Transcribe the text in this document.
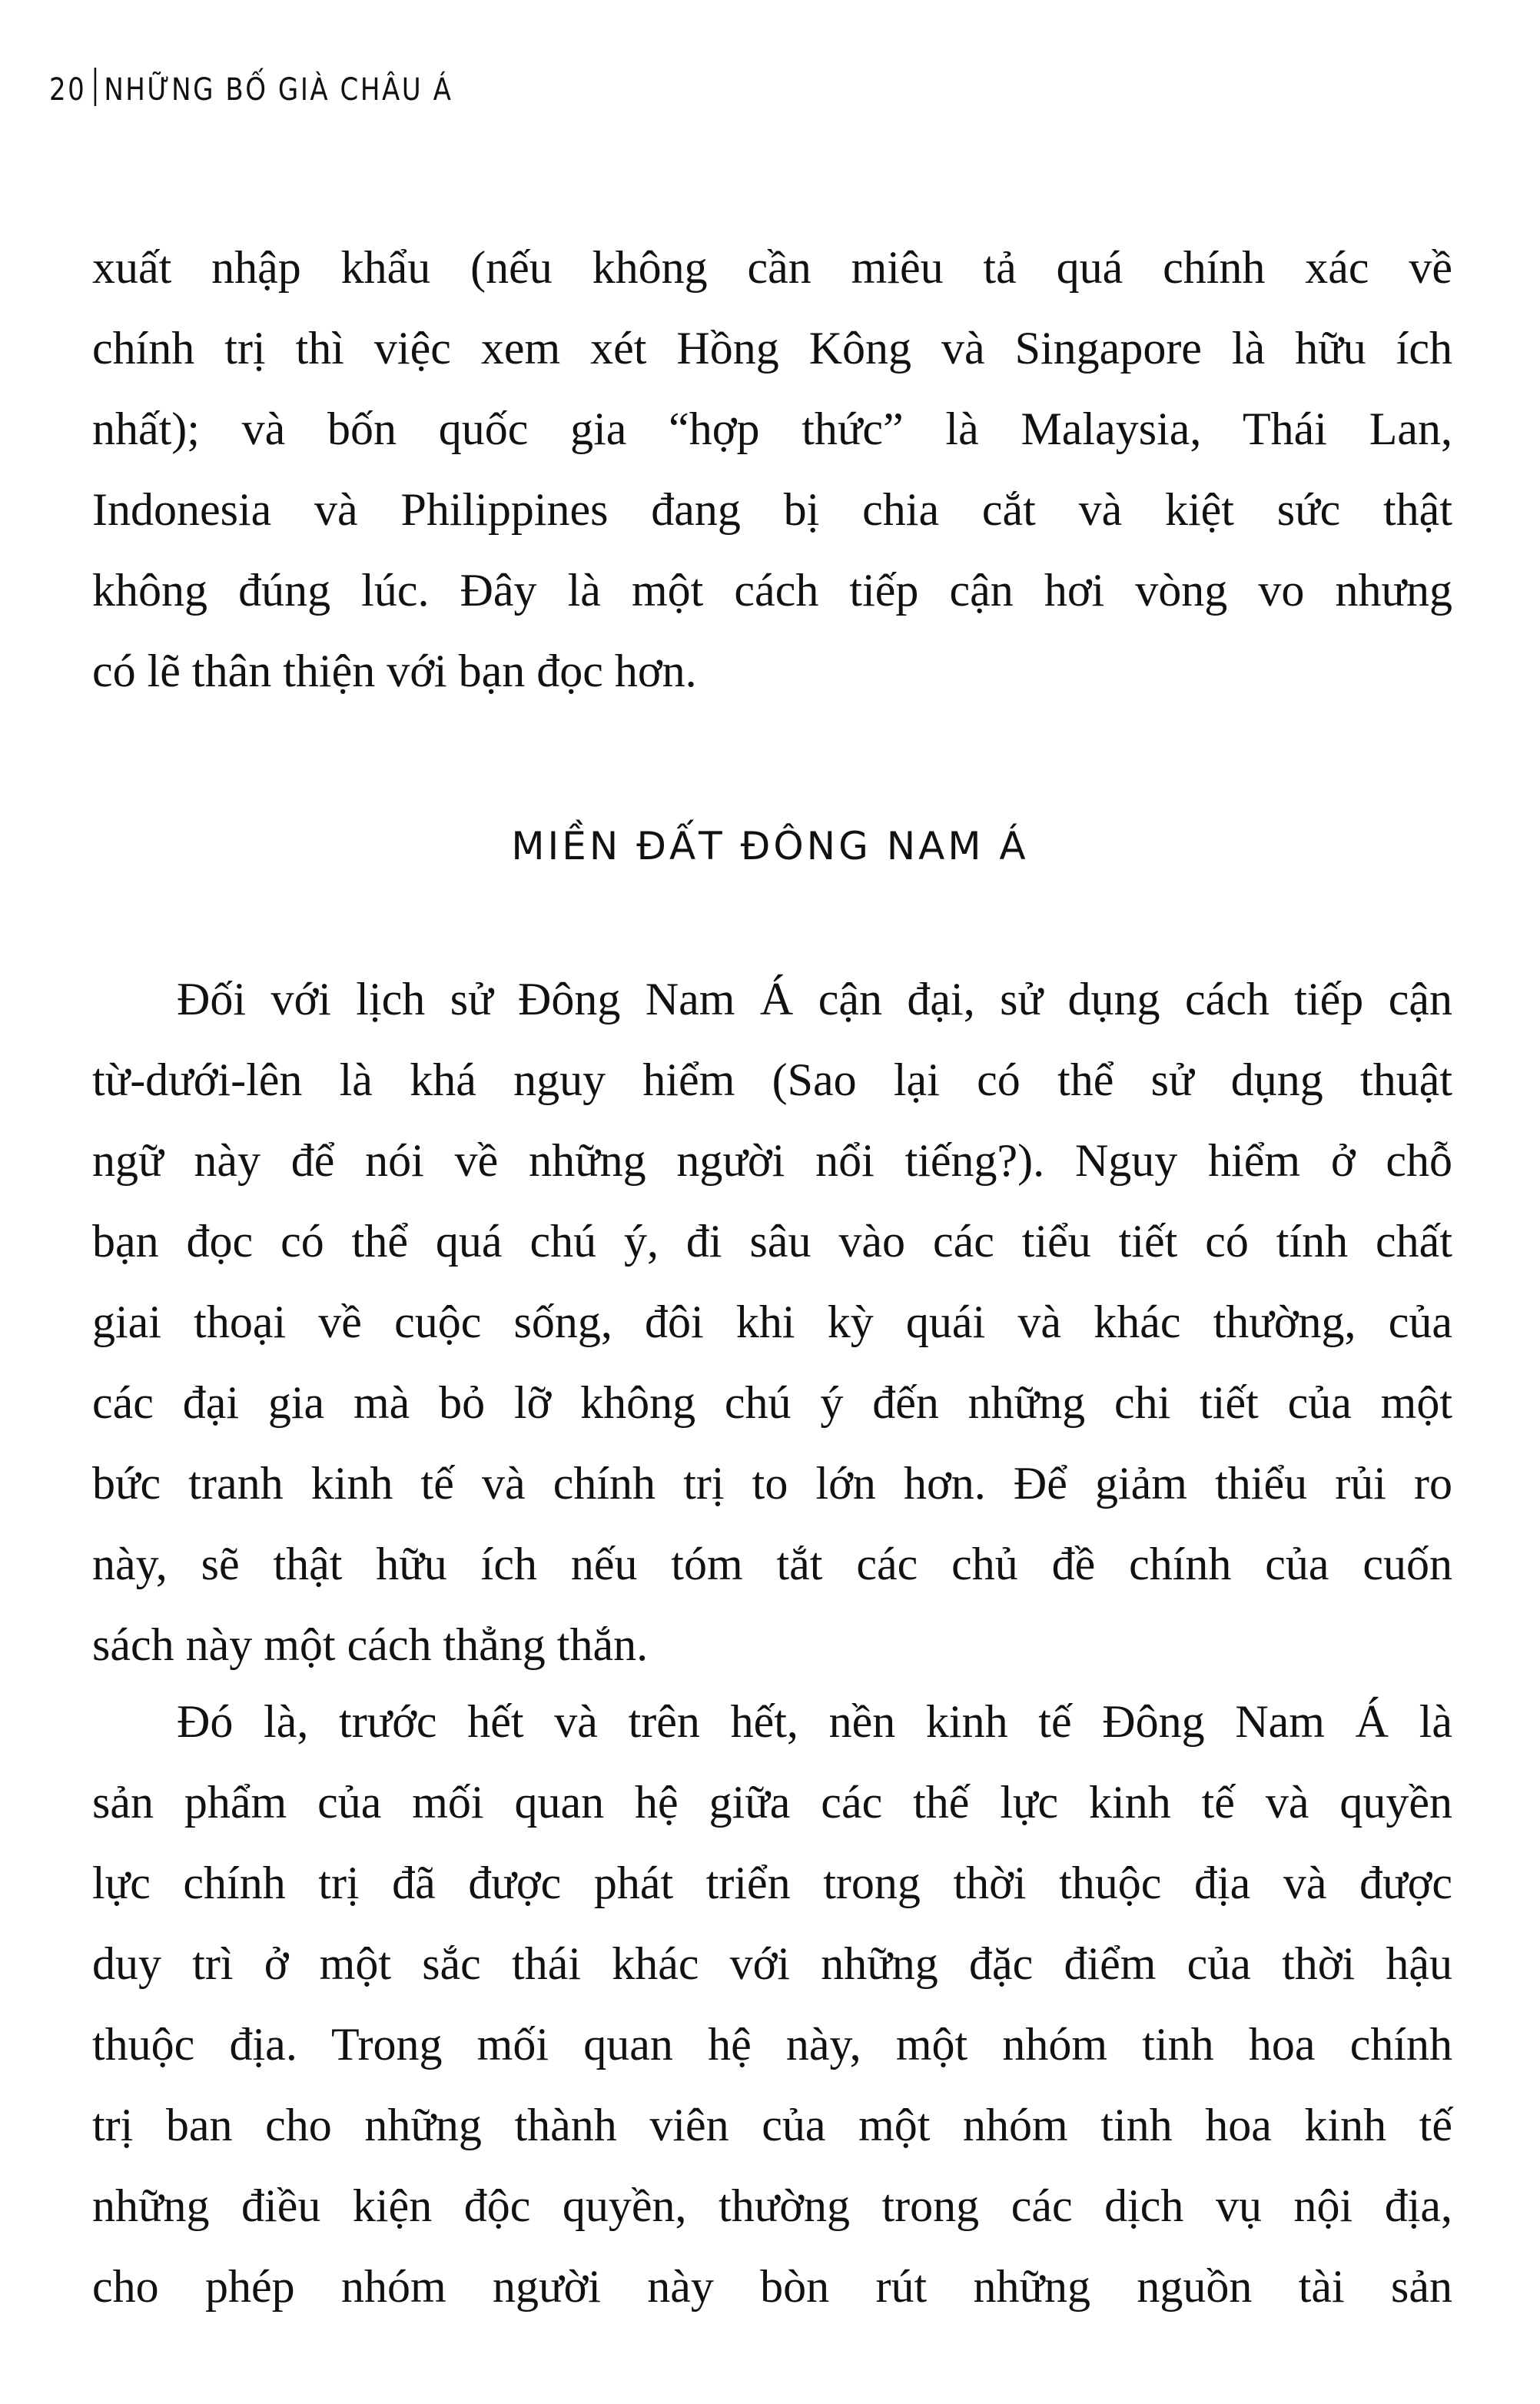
20 NHỮNG BỐ GIÀ CHÂU Á
xuất nhập khẩu (nếu không cần miêu tả quá chính xác về
chính trị thì việc xem xét Hồng Kông và Singapore là hữu ích
nhất); và bốn quốc gia “hợp thức” là Malaysia, Thái Lan,
Indonesia và Philippines đang bị chia cắt và kiệt sức thật
không đúng lúc. Đây là một cách tiếp cận hơi vòng vo nhưng
có lẽ thân thiện với bạn đọc hơn.
MIỀN ĐẤT ĐÔNG NAM Á
Đối với lịch sử Đông Nam Á cận đại, sử dụng cách tiếp cận
từ-dưới-lên là khá nguy hiểm (Sao lại có thể sử dụng thuật
ngữ này để nói về những người nổi tiếng?). Nguy hiểm ở chỗ
bạn đọc có thể quá chú ý, đi sâu vào các tiểu tiết có tính chất
giai thoại về cuộc sống, đôi khi kỳ quái và khác thường, của
các đại gia mà bỏ lỡ không chú ý đến những chi tiết của một
bức tranh kinh tế và chính trị to lớn hơn. Để giảm thiểu rủi ro
này, sẽ thật hữu ích nếu tóm tắt các chủ đề chính của cuốn
sách này một cách thẳng thắn.
Đó là, trước hết và trên hết, nền kinh tế Đông Nam Á là
sản phẩm của mối quan hệ giữa các thế lực kinh tế và quyền
lực chính trị đã được phát triển trong thời thuộc địa và được
duy trì ở một sắc thái khác với những đặc điểm của thời hậu
thuộc địa. Trong mối quan hệ này, một nhóm tinh hoa chính
trị ban cho những thành viên của một nhóm tinh hoa kinh tế
những điều kiện độc quyền, thường trong các dịch vụ nội địa,
cho phép nhóm người này bòn rút những nguồn tài sản
